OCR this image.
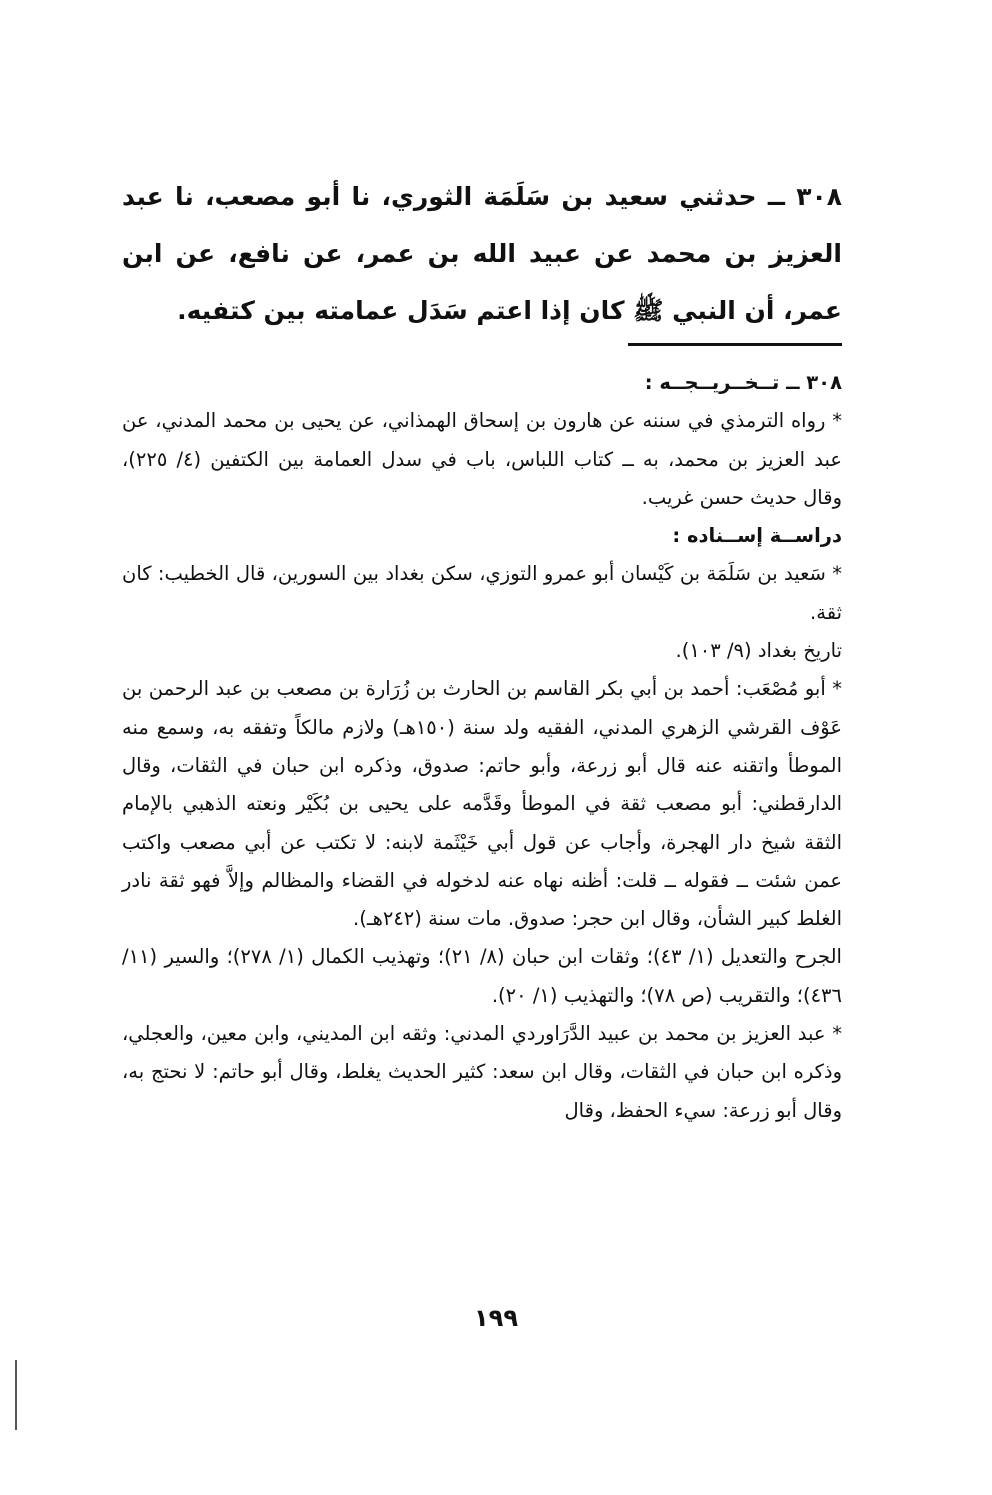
٣٠٨ ــ حدثني سعيد بن سَلَمَة الثوري، نا أبو مصعب، نا عبد العزيز بن محمد عن عبيد الله بن عمر، عن نافع، عن ابن عمر، أن النبي ﷺ كان إذا اعتم سَدَل عمامته بين كتفيه.

٣٠٨ ــ تــخــريــجــه :

* رواه الترمذي في سننه عن هارون بن إسحاق الهمذاني، عن يحيى بن محمد المدني، عن عبد العزيز بن محمد، به ــ كتاب اللباس، باب في سدل العمامة بين الكتفين (٤/ ٢٢٥)، وقال حديث حسن غريب.

دراســة إســناده :

* سَعيد بن سَلَمَة بن كَيْسان أبو عمرو التوزي، سكن بغداد بين السورين، قال الخطيب: كان ثقة.

تاريخ بغداد (٩/ ١٠٣).

* أبو مُصْعَب: أحمد بن أبي بكر القاسم بن الحارث بن زُرَارة بن مصعب بن عبد الرحمن بن عَوْف القرشي الزهري المدني، الفقيه ولد سنة (١٥٠هـ) ولازم مالكاً وتفقه به، وسمع منه الموطأ واتقنه عنه قال أبو زرعة، وأبو حاتم: صدوق، وذكره ابن حبان في الثقات، وقال الدارقطني: أبو مصعب ثقة في الموطأ وقَدَّمه على يحيى بن بُكَيْر ونعته الذهبي بالإمام الثقة شيخ دار الهجرة، وأجاب عن قول أبي خَيْثَمة لابنه: لا تكتب عن أبي مصعب واكتب عمن شئت ــ فقوله ــ قلت: أظنه نهاه عنه لدخوله في القضاء والمظالم وإلاَّ فهو ثقة نادر الغلط كبير الشأن، وقال ابن حجر: صدوق. مات سنة (٢٤٢هـ).

الجرح والتعديل (١/ ٤٣)؛ وثقات ابن حبان (٨/ ٢١)؛ وتهذيب الكمال (١/ ٢٧٨)؛ والسير (١١/ ٤٣٦)؛ والتقريب (ص ٧٨)؛ والتهذيب (١/ ٢٠).

* عبد العزيز بن محمد بن عبيد الدَّرَاوردي المدني: وثقه ابن المديني، وابن معين، والعجلي، وذكره ابن حبان في الثقات، وقال ابن سعد: كثير الحديث يغلط، وقال أبو حاتم: لا نحتج به، وقال أبو زرعة: سيء الحفظ، وقال

١٩٩
